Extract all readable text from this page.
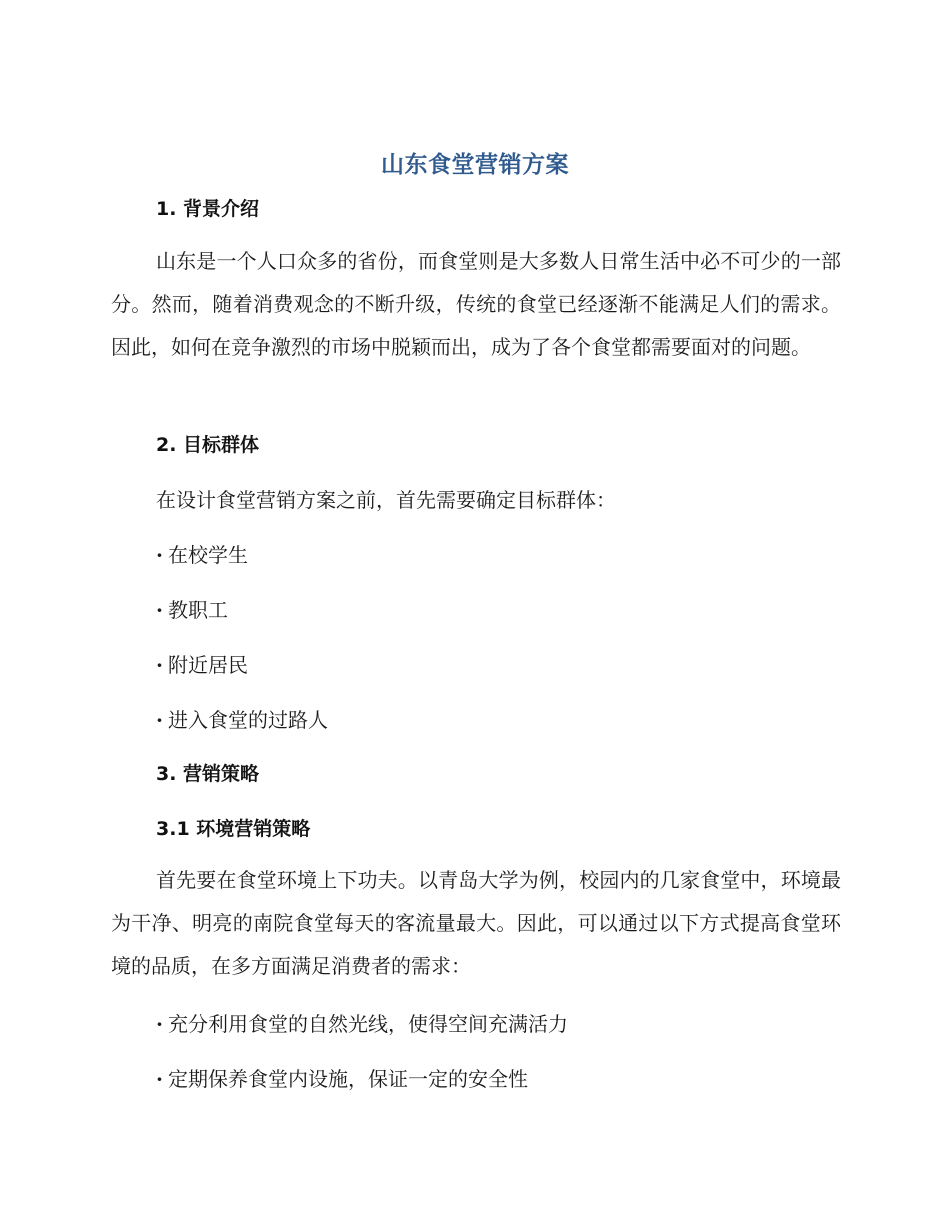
山东食堂营销方案
1. 背景介绍
山东是一个人口众多的省份，而食堂则是大多数人日常生活中必不可少的一部分。然而，随着消费观念的不断升级，传统的食堂已经逐渐不能满足人们的需求。因此，如何在竞争激烈的市场中脱颖而出，成为了各个食堂都需要面对的问题。
2. 目标群体
在设计食堂营销方案之前，首先需要确定目标群体：
· 在校学生
· 教职工
· 附近居民
· 进入食堂的过路人
3. 营销策略
3.1 环境营销策略
首先要在食堂环境上下功夫。以青岛大学为例，校园内的几家食堂中，环境最为干净、明亮的南院食堂每天的客流量最大。因此，可以通过以下方式提高食堂环境的品质，在多方面满足消费者的需求：
· 充分利用食堂的自然光线，使得空间充满活力
· 定期保养食堂内设施，保证一定的安全性
